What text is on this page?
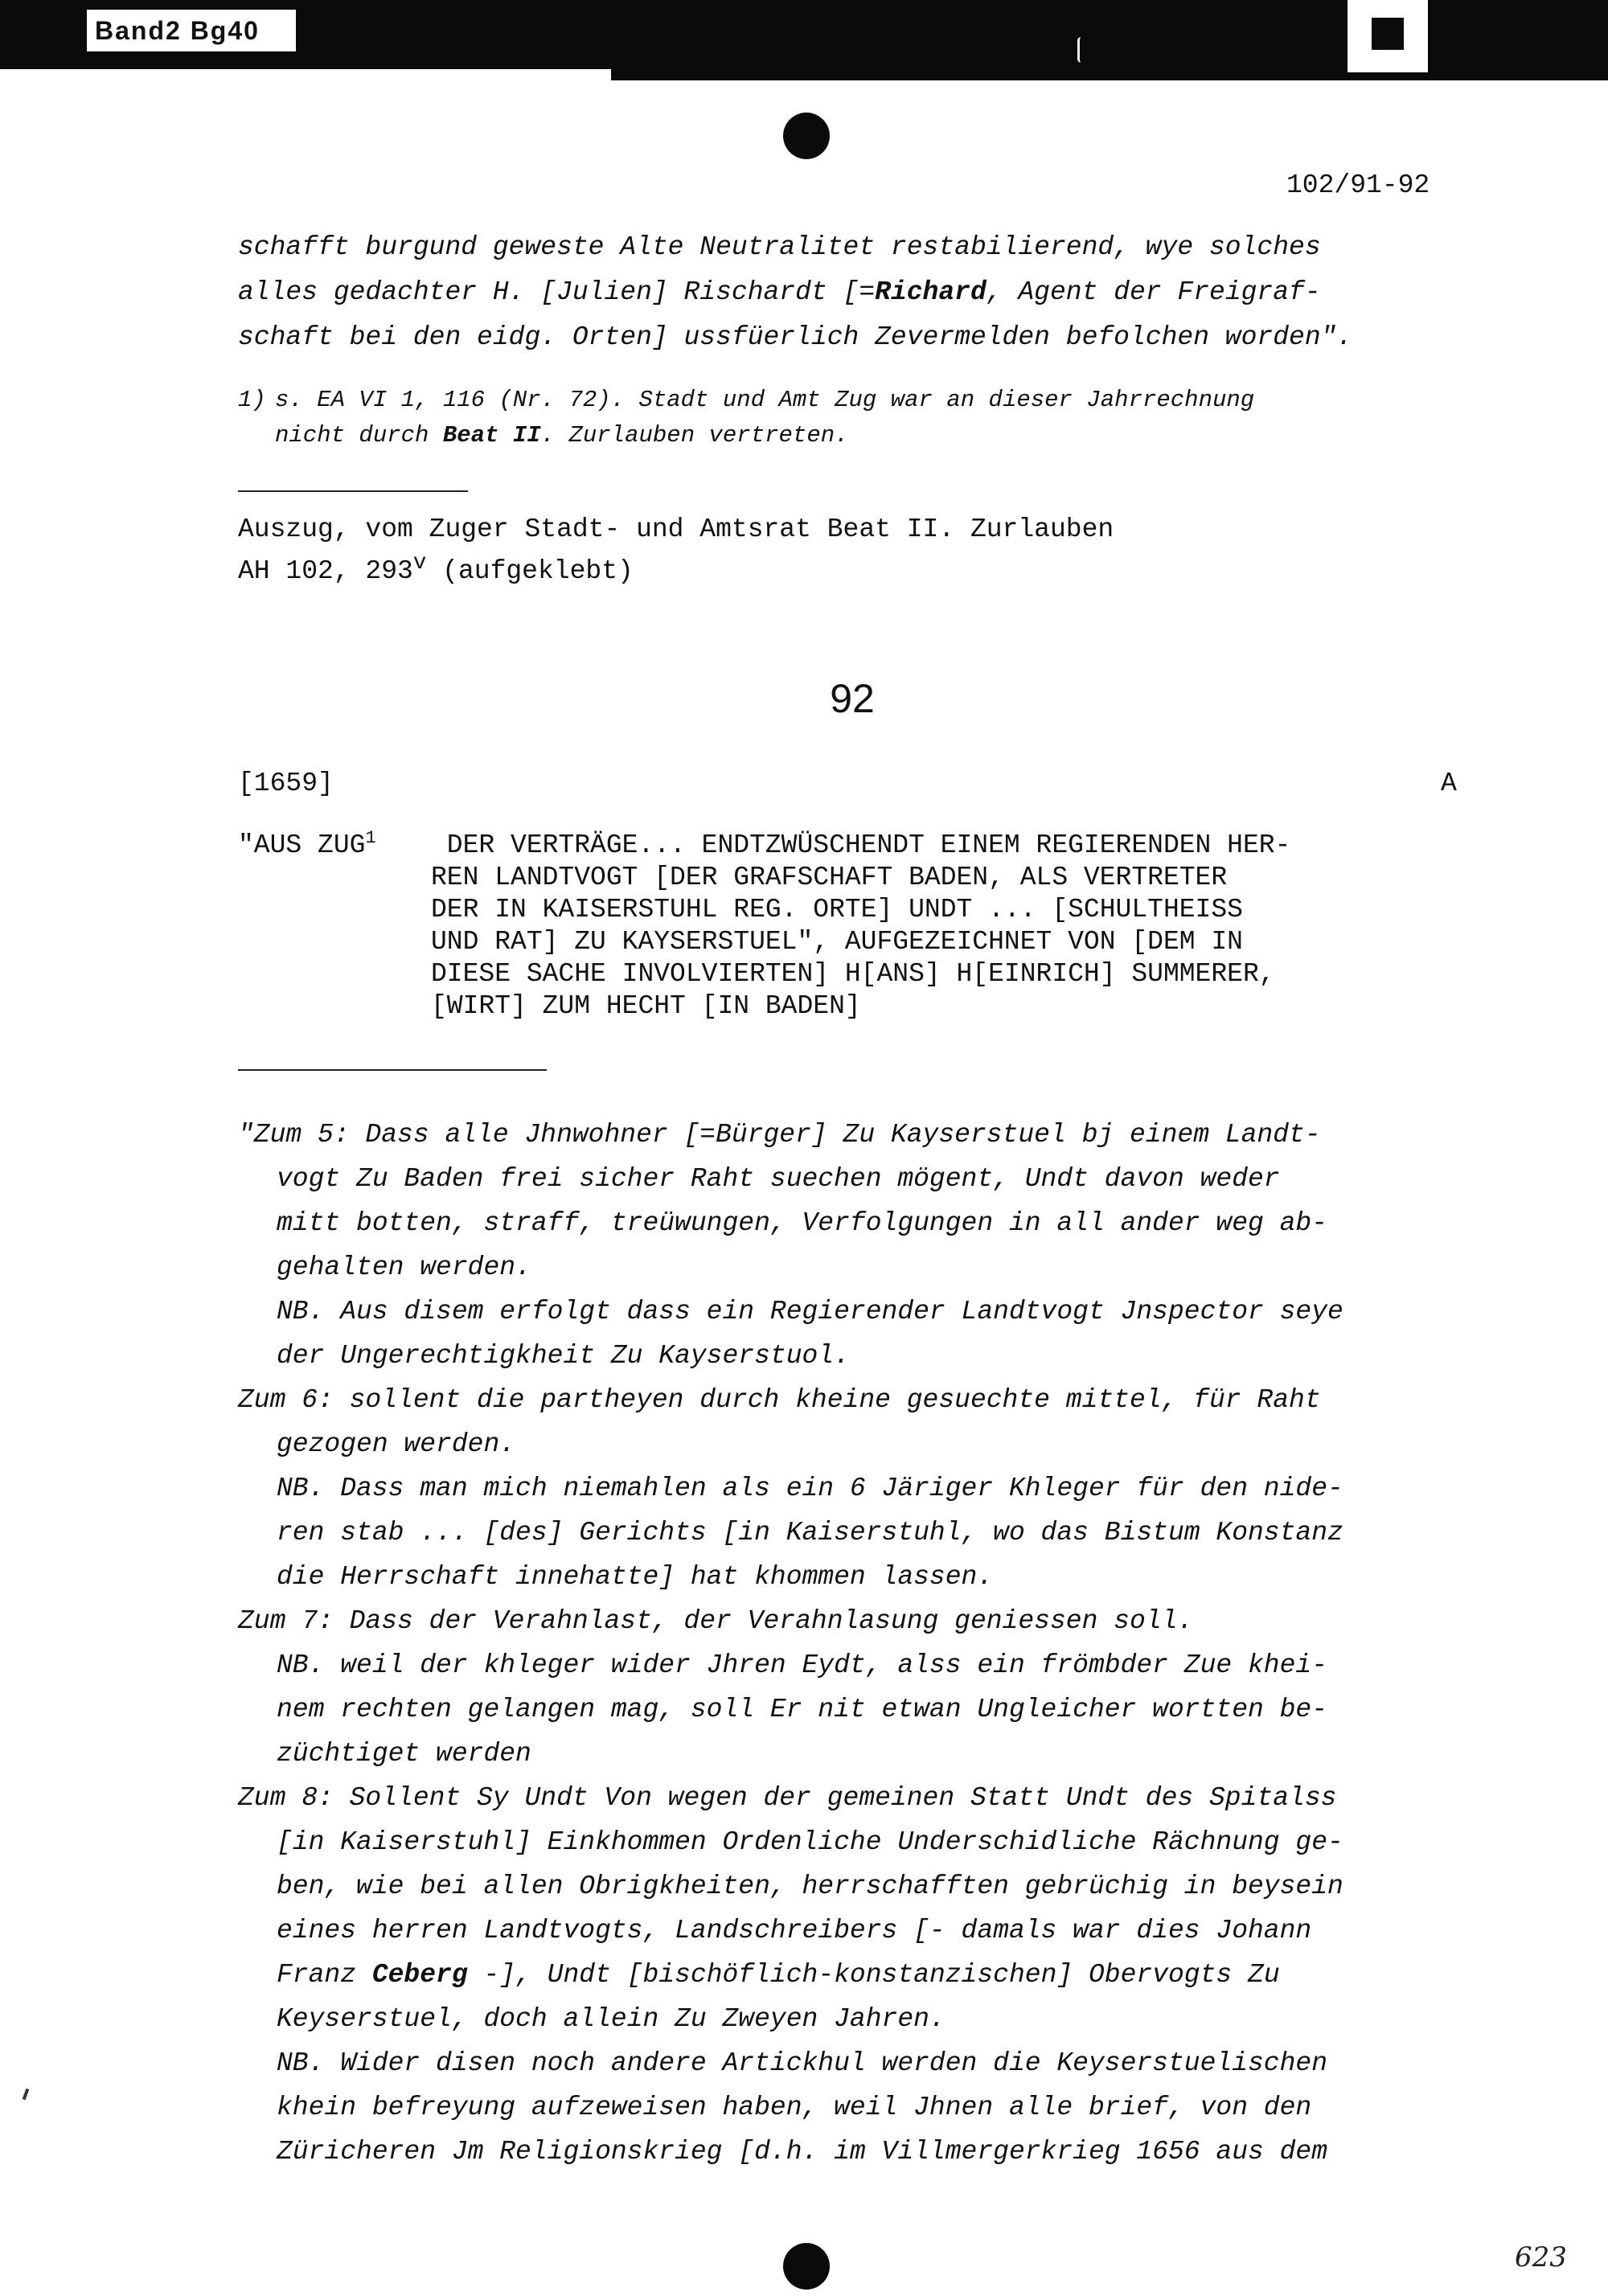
Band2 Bg40
102/91-92
schafft burgund geweste Alte Neutralitet restabilierend, wye solches
alles gedachter H. [Julien] Rischardt [=Richard, Agent der Freigraf-
schaft bei den eidg. Orten] ussfüerlich Zevermelden befolchen worden".
1) s. EA VI 1, 116 (Nr. 72). Stadt und Amt Zug war an dieser Jahrrechnung
nicht durch Beat II. Zurlauben vertreten.
Auszug, vom Zuger Stadt- und Amtsrat Beat II. Zurlauben
AH 102, 293$^v$ (aufgeklebt)
92
[1659]	A
"AUS ZUG$^1$ DER VERTRÄGE... ENDTZWÜSCHENDT EINEM REGIERENDEN HER-
REN LANDTVOGT [DER GRAFSCHAFT BADEN, ALS VERTRETER
DER IN KAISERSTUHL REG. ORTE] UNDT ... [SCHULTHEISS
UND RAT] ZU KAYSERSTUEL", AUFGEZEICHNET VON [DEM IN
DIESE SACHE INVOLVIERTEN] H[ANS] H[EINRICH] SUMMERER,
[WIRT] ZUM HECHT [IN BADEN]
"Zum 5: Dass alle Jhnwohner [=Bürger] Zu Kayserstuel bj einem Landt-
vogt Zu Baden frei sicher Raht suechen mögent, Undt davon weder
mitt botten, straff, treüwungen, Verfolgungen in all ander weg ab-
gehalten werden.
NB. Aus disem erfolgt dass ein Regierender Landtvogt Jnspector seye
der Ungerechtigkheit Zu Kayserstuol.
Zum 6: sollent die partheyen durch kheine gesuechte mittel, für Raht
gezogen werden.
NB. Dass man mich niemahlen als ein 6 Järiger Khleger für den nide-
ren stab ... [des] Gerichts [in Kaiserstuhl, wo das Bistum Konstanz
die Herrschaft innehatte] hat khommen lassen.
Zum 7: Dass der Verahnlast, der Verahnlasung geniessen soll.
NB. weil der khleger wider Jhren Eydt, alss ein frömbder Zue khei-
nem rechten gelangen mag, soll Er nit etwan Ungleicher wortten be-
züchtiget werden
Zum 8: Sollent Sy Undt Von wegen der gemeinen Statt Undt des Spitalss
[in Kaiserstuhl] Einkhommen Ordenliche Underschidliche Rächnung ge-
ben, wie bei allen Obrigkheiten, herrschafften gebrüchig in beysein
eines herren Landtvogts, Landschreibers [- damals war dies Johann
Franz Ceberg -], Undt [bischöflich-konstanzischen] Obervogts Zu
Keyserstuel, doch allein Zu Zweyen Jahren.
NB. Wider disen noch andere Artickhul werden die Keyserstuelischen
khein befreyung aufzeweisen haben, weil Jhnen alle brief, von den
Züricheren Jm Religionskrieg [d.h. im Villmergerkrieg 1656 aus dem
623
